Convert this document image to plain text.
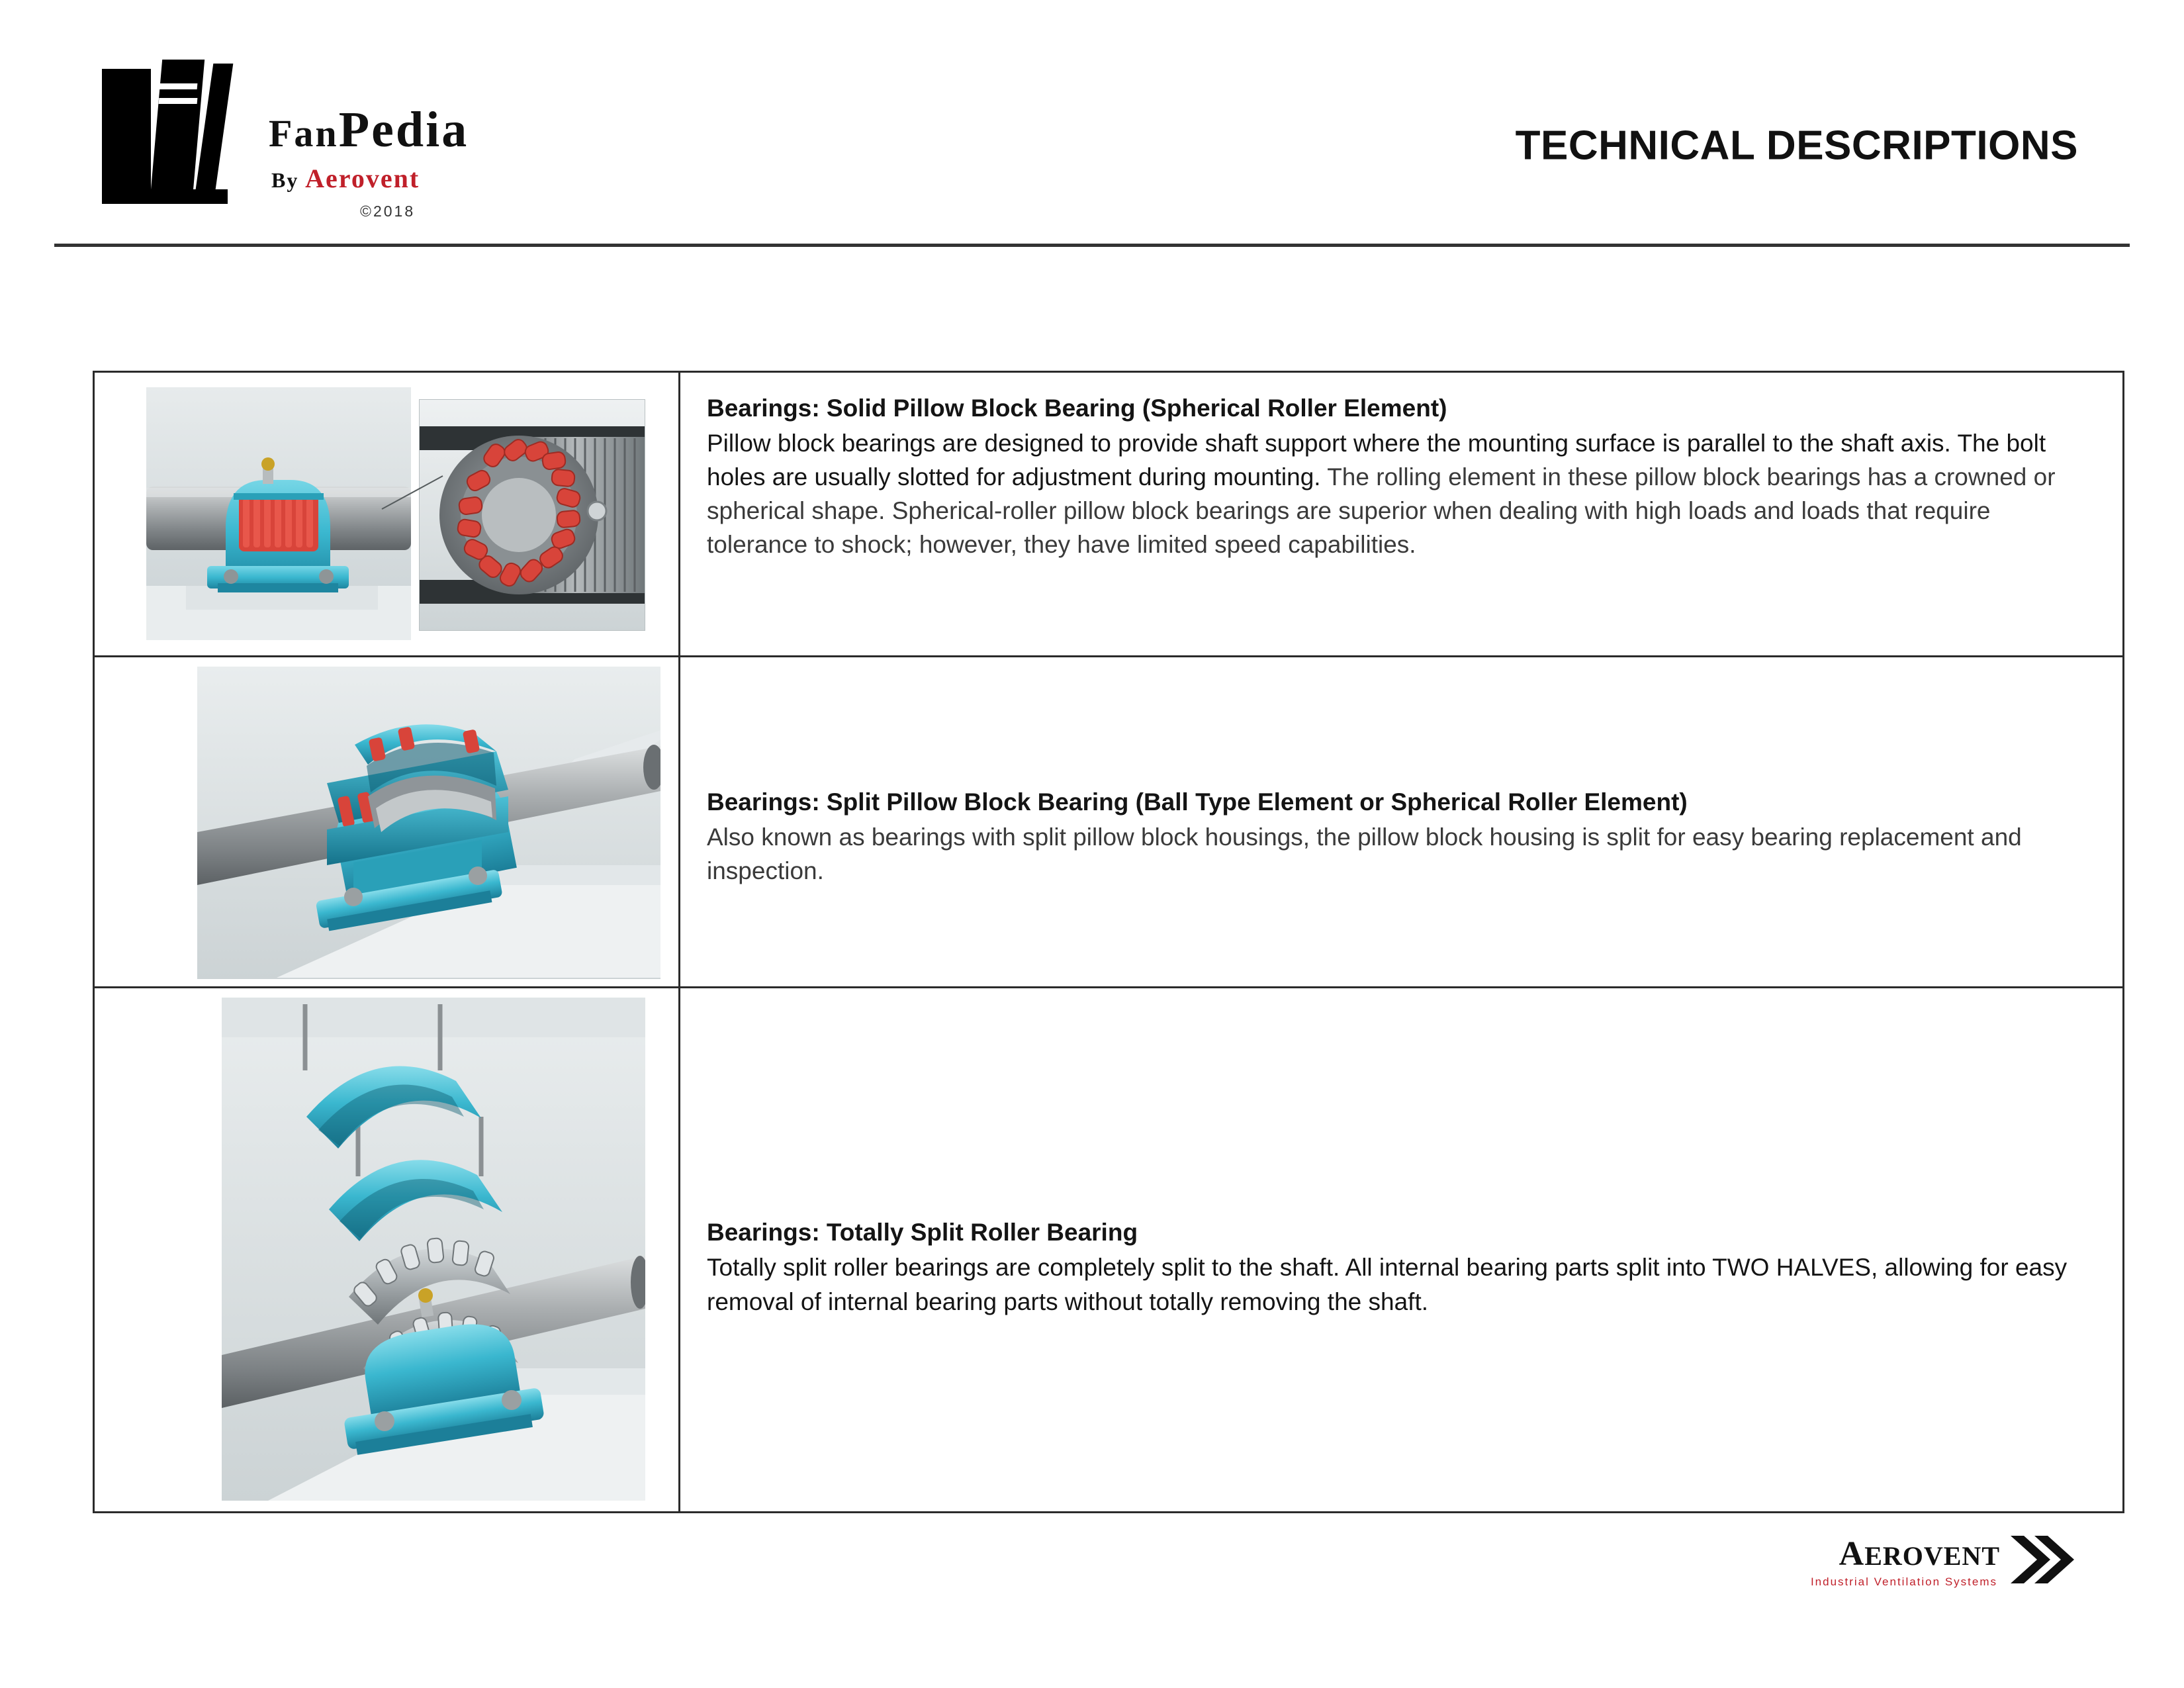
FanPedia
By Aerovent
©2018
TECHNICAL DESCRIPTIONS

Bearings: Solid Pillow Block Bearing (Spherical Roller Element)

Pillow block bearings are designed to provide shaft support where the mounting surface is parallel to the shaft axis. The bolt holes are usually slotted for adjustment during mounting. The rolling element in these pillow block bearings has a crowned or spherical shape. Spherical-roller pillow block bearings are superior when dealing with high loads and loads that require tolerance to shock; however, they have limited speed capabilities.

Bearings: Split Pillow Block Bearing (Ball Type Element or Spherical Roller Element)

Also known as bearings with split pillow block housings, the pillow block housing is split for easy bearing replacement and inspection.

Bearings: Totally Split Roller Bearing

Totally split roller bearings are completely split to the shaft. All internal bearing parts split into TWO HALVES, allowing for easy removal of internal bearing parts without totally removing the shaft.

AEROVENT
Industrial Ventilation Systems
